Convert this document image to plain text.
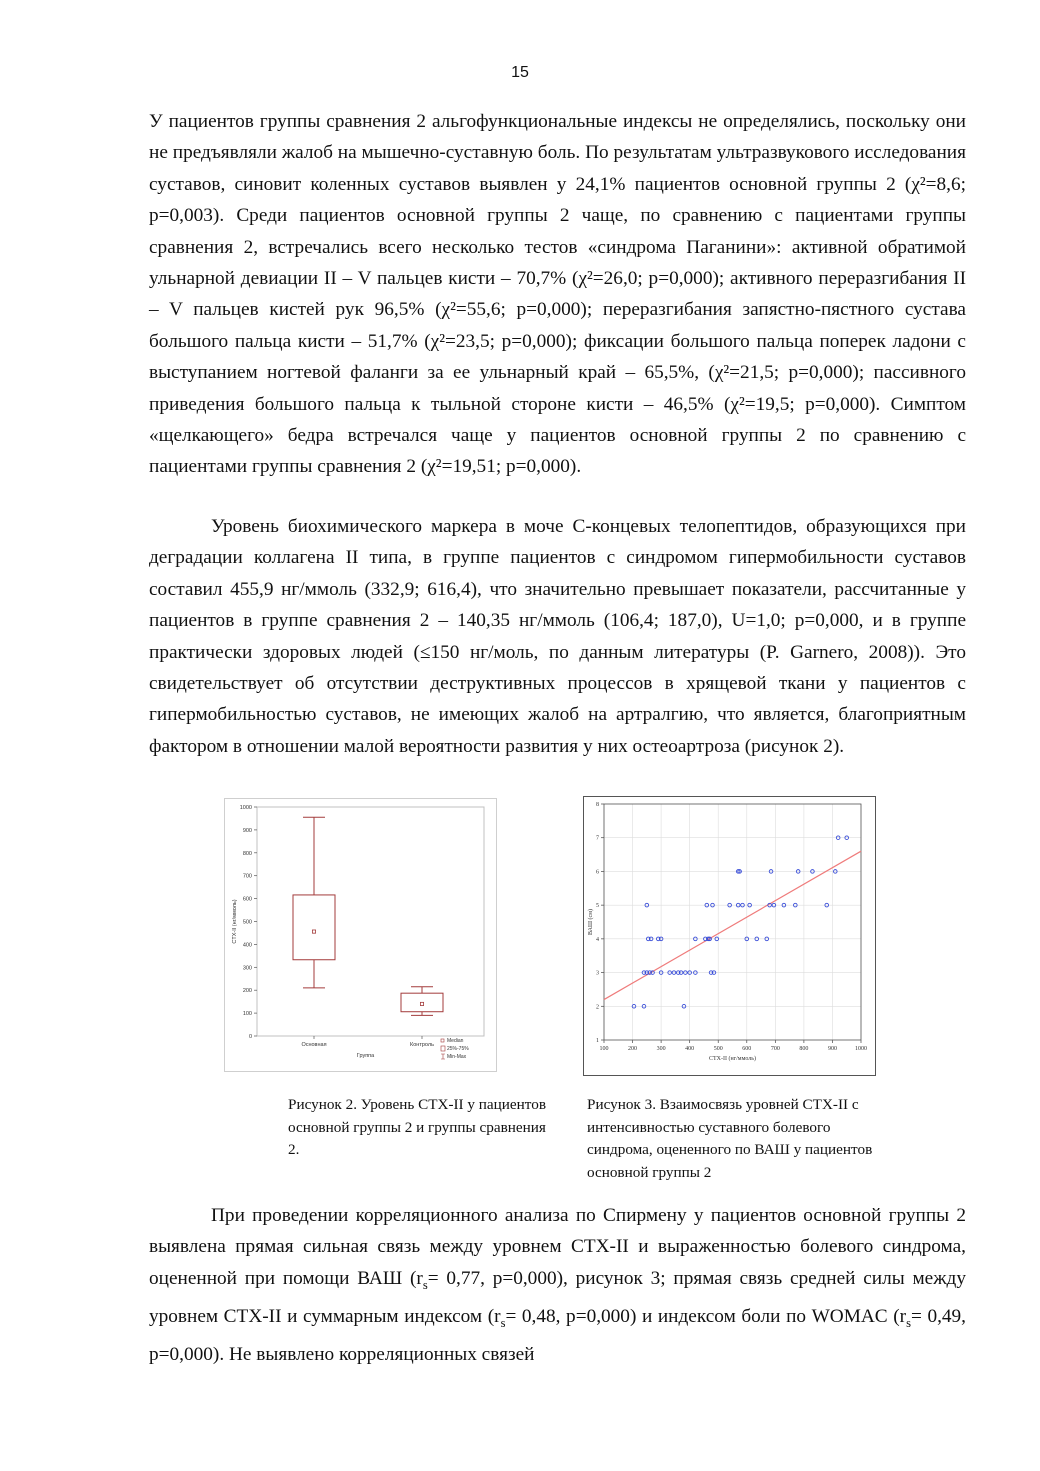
15

У пациентов группы сравнения 2 альгофункциональные индексы не определялись, поскольку они не предъявляли жалоб на мышечно-суставную боль. По результатам ультразвукового исследования суставов, синовит коленных суставов выявлен у 24,1% пациентов основной группы 2 (χ²=8,6; p=0,003). Среди пациентов основной группы 2 чаще, по сравнению с пациентами группы сравнения 2, встречались всего несколько тестов «синдрома Паганини»: активной обратимой ульнарной девиации II – V пальцев кисти – 70,7% (χ²=26,0; p=0,000); активного переразгибания II – V пальцев кистей рук 96,5% (χ²=55,6; p=0,000); переразгибания запястно-пястного сустава большого пальца кисти – 51,7% (χ²=23,5; p=0,000); фиксации большого пальца поперек ладони с выступанием ногтевой фаланги за ее ульнарный край – 65,5%, (χ²=21,5; p=0,000); пассивного приведения большого пальца к тыльной стороне кисти – 46,5% (χ²=19,5; p=0,000). Симптом «щелкающего» бедра встречался чаще у пациентов основной группы 2 по сравнению с пациентами группы сравнения 2 (χ²=19,51; p=0,000).

Уровень биохимического маркера в моче С-концевых телопептидов, образующихся при деградации коллагена II типа, в группе пациентов с синдромом гипермобильности суставов составил 455,9 нг/ммоль (332,9; 616,4), что значительно превышает показатели, рассчитанные у пациентов в группе сравнения 2 – 140,35 нг/ммоль (106,4; 187,0), U=1,0; p=0,000, и в группе практически здоровых людей (≤150 нг/моль, по данным литературы (P. Garnero, 2008)). Это свидетельствует об отсутствии деструктивных процессов в хрящевой ткани у пациентов с гипермобильностью суставов, не имеющих жалоб на артралгию, что является, благоприятным фактором в отношении малой вероятности развития у них остеоартроза (рисунок 2).

0
100
200
300
400
500
600
700
800
900
1000
CTX-II (нг/ммоль)
Основная	Контроль
Группа
Median
25%-75%
Min-Max
100	200	300	400	500	600	700	800	900	1000
1
2
3
4
5
6
7
8
CTX-II (нг/ммоль)
ВАШ (см)

Рисунок 2. Уровень СТХ-II у пациентов основной группы 2 и группы сравнения 2.

Рисунок 3. Взаимосвязь уровней СТХ-II с интенсивностью суставного болевого синдрома, оцененного по ВАШ у пациентов основной группы 2

При проведении корреляционного анализа по Спирмену у пациентов основной группы 2 выявлена прямая сильная связь между уровнем СТХ-II и выраженностью болевого синдрома, оцененной при помощи ВАШ ($r_s= 0,77$, p=0,000), рисунок 3; прямая связь средней силы между уровнем СТХ-II и суммарным индексом ($r_s= 0,48$, p=0,000) и индексом боли по WOMAC ($r_s= 0,49$, p=0,000). Не выявлено корреляционных связей
